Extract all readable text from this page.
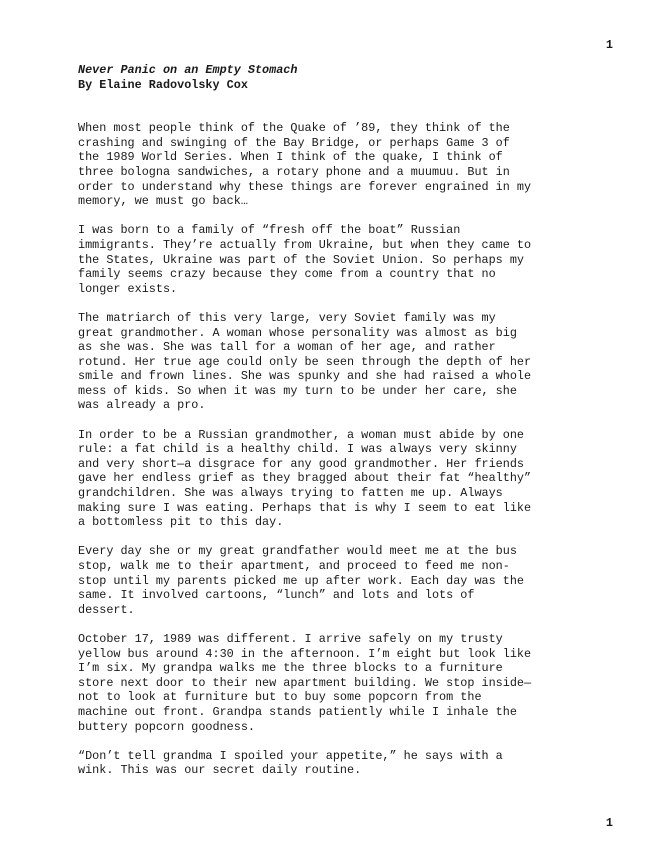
1

Never Panic on an Empty Stomach

By Elaine Radovolsky Cox

When most people think of the Quake of ’89, they think of the
crashing and swinging of the Bay Bridge, or perhaps Game 3 of
the 1989 World Series. When I think of the quake, I think of
three bologna sandwiches, a rotary phone and a muumuu. But in
order to understand why these things are forever engrained in my
memory, we must go back…

I was born to a family of “fresh off the boat” Russian
immigrants. They’re actually from Ukraine, but when they came to
the States, Ukraine was part of the Soviet Union. So perhaps my
family seems crazy because they come from a country that no
longer exists.

The matriarch of this very large, very Soviet family was my
great grandmother. A woman whose personality was almost as big
as she was. She was tall for a woman of her age, and rather
rotund. Her true age could only be seen through the depth of her
smile and frown lines. She was spunky and she had raised a whole
mess of kids. So when it was my turn to be under her care, she
was already a pro.

In order to be a Russian grandmother, a woman must abide by one
rule: a fat child is a healthy child. I was always very skinny
and very short—a disgrace for any good grandmother. Her friends
gave her endless grief as they bragged about their fat “healthy”
grandchildren. She was always trying to fatten me up. Always
making sure I was eating. Perhaps that is why I seem to eat like
a bottomless pit to this day.

Every day she or my great grandfather would meet me at the bus
stop, walk me to their apartment, and proceed to feed me non-
stop until my parents picked me up after work. Each day was the
same. It involved cartoons, “lunch” and lots and lots of
dessert.

October 17, 1989 was different. I arrive safely on my trusty
yellow bus around 4:30 in the afternoon. I’m eight but look like
I’m six. My grandpa walks me the three blocks to a furniture
store next door to their new apartment building. We stop inside—
not to look at furniture but to buy some popcorn from the
machine out front. Grandpa stands patiently while I inhale the
buttery popcorn goodness.

“Don’t tell grandma I spoiled your appetite,” he says with a
wink. This was our secret daily routine.

1
